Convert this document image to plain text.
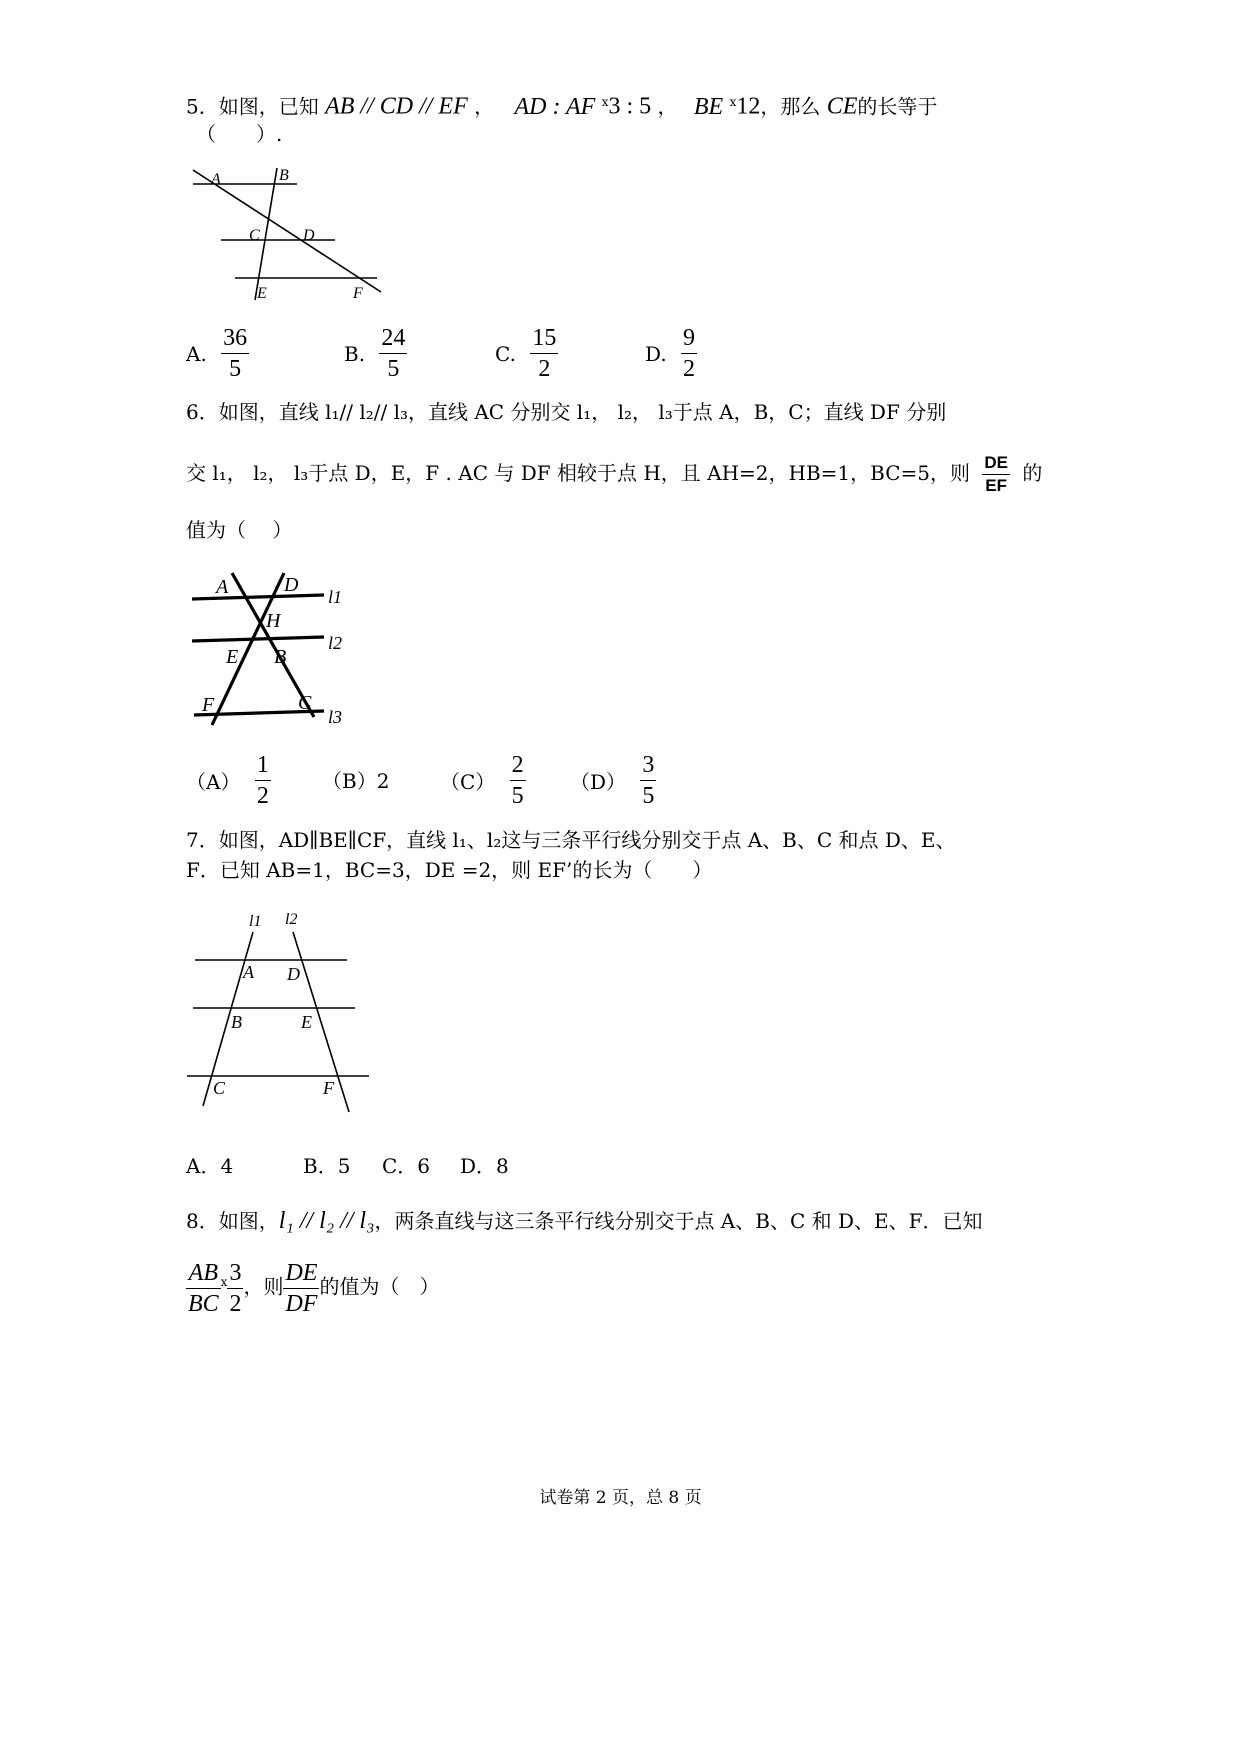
5．如图，已知 AB // CD // EF ， AD : AF $^ⅹ$3 : 5 ， BE $^ⅹ$12，那么 CE的长等于
（　　）.
A	B
C	D
E	F
A. $\frac{36}{5}$	B. $\frac{24}{5}$	C. $\frac{15}{2}$	D. $\frac{9}{2}$
6．如图，直线 l₁// l₂// l₃，直线 AC 分别交 l₁， l₂， l₃于点 A，B，C；直线 DF 分别
交 l₁， l₂， l₃于点 D，E，F . AC 与 DF 相较于点 H，且 AH=2，HB=1，BC=5，则 $\frac{DE}{EF}$ 的
值为（　 ）
A	D
l1
H
l2
E B
F	C
l3
$(A) \frac{1}{2}$	（B）2	$(C) \frac{2}{5} (D) \frac{3}{5}$
7．如图，AD∥BE∥CF，直线 l₁、l₂这与三条平行线分别交于点 A、B、C 和点 D、E、
F．已知 AB=1，BC=3，DE =2，则 EF’的长为（　　）
l1 l2
A D
B	E
C	F
A．4	B．5 C．6 D．8
8．如图，l₁ // l₂ // l₃，两条直线与这三条平行线分别交于点 A、B、C 和 D、E、F．已知
$\frac{AB}{BC} ^ⅹ \frac{3}{2}$ ，则 $\frac{DE}{DF}$ 的值为（　）
试卷第 2 页，总 8 页
